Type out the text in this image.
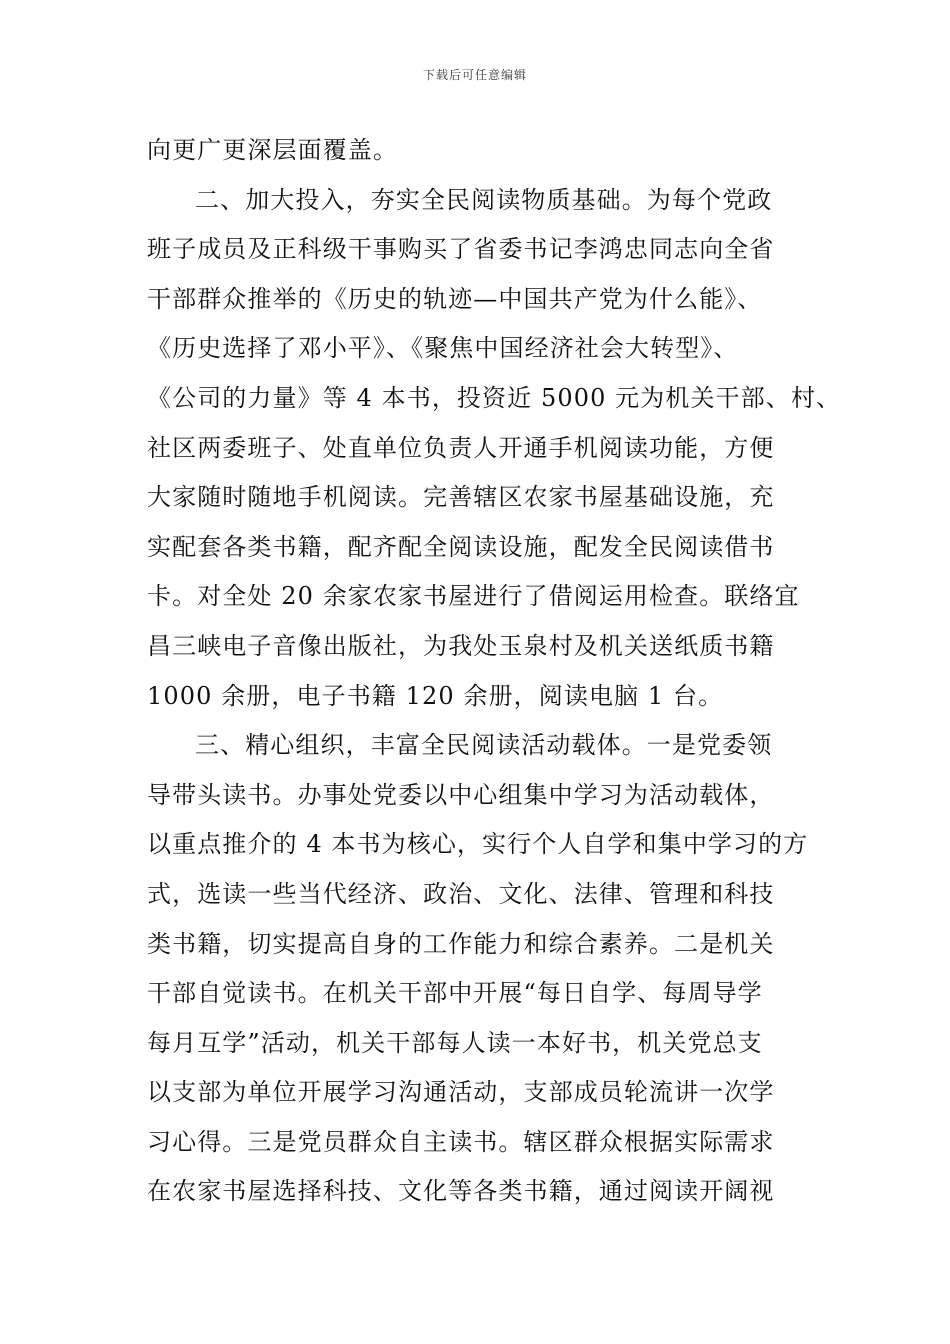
下载后可任意编辑
向更广更深层面覆盖。
二、加大投入，夯实全民阅读物质基础。为每个党政
班子成员及正科级干事购买了省委书记李鸿忠同志向全省
干部群众推举的《历史的轨迹—中国共产党为什么能》、
《历史选择了邓小平》、《聚焦中国经济社会大转型》、
《公司的力量》等 4 本书，投资近 5000 元为机关干部、村、
社区两委班子、处直单位负责人开通手机阅读功能，方便
大家随时随地手机阅读。完善辖区农家书屋基础设施，充
实配套各类书籍，配齐配全阅读设施，配发全民阅读借书
卡。对全处 20 余家农家书屋进行了借阅运用检查。联络宜
昌三峡电子音像出版社，为我处玉泉村及机关送纸质书籍
1000 余册，电子书籍 120 余册，阅读电脑 1 台。
三、精心组织，丰富全民阅读活动载体。一是党委领
导带头读书。办事处党委以中心组集中学习为活动载体，
以重点推介的 4 本书为核心，实行个人自学和集中学习的方
式，选读一些当代经济、政治、文化、法律、管理和科技
类书籍，切实提高自身的工作能力和综合素养。二是机关
干部自觉读书。在机关干部中开展“每日自学、每周导学
每月互学”活动，机关干部每人读一本好书，机关党总支
以支部为单位开展学习沟通活动，支部成员轮流讲一次学
习心得。三是党员群众自主读书。辖区群众根据实际需求
在农家书屋选择科技、文化等各类书籍，通过阅读开阔视
